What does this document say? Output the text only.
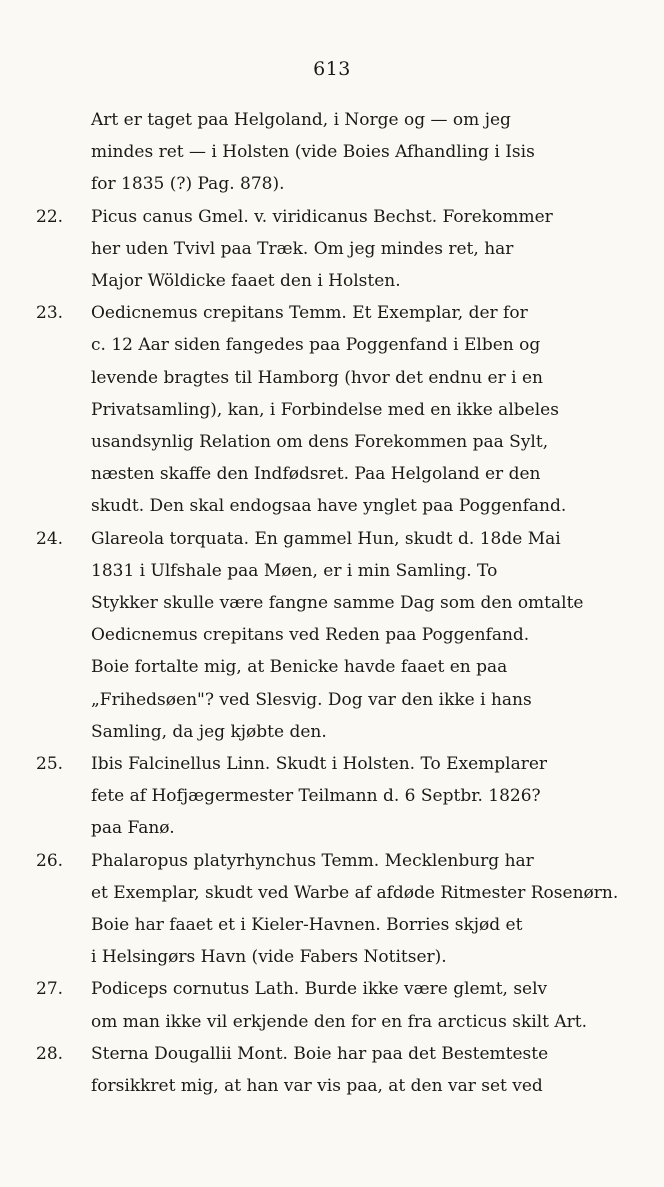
613
Art er taget paa Helgoland, i Norge og — om jeg
mindes ret — i Holsten (vide Boies Afhandling i Isis
for 1835 (?) Pag. 878).
22. Picus canus Gmel. v. viridicanus Bechst. Forekommer
her uden Tvivl paa Træk. Om jeg mindes ret, har
Major Wöldicke faaet den i Holsten.
23. Oedicnemus crepitans Temm. Et Exemplar, der for
c. 12 Aar siden fangedes paa Poggenfand i Elben og
levende bragtes til Hamborg (hvor det endnu er i en
Privatsamling), kan, i Forbindelse med en ikke albeles
usandsynlig Relation om dens Forekommen paa Sylt,
næsten skaffe den Indfødsret. Paa Helgoland er den
skudt. Den skal endogsaa have ynglet paa Poggenfand.
24. Glareola torquata. En gammel Hun, skudt d. 18de Mai
1831 i Ulfshale paa Møen, er i min Samling. To
Stykker skulle være fangne samme Dag som den omtalte
Oedicnemus crepitans ved Reden paa Poggenfand.
Boie fortalte mig, at Benicke havde faaet en paa
„Frihedsøen"? ved Slesvig. Dog var den ikke i hans
Samling, da jeg kjøbte den.
25. Ibis Falcinellus Linn. Skudt i Holsten. To Exemplarer
fete af Hofjægermester Teilmann d. 6 Septbr. 1826?
paa Fanø.
26. Phalaropus platyrhynchus Temm. Mecklenburg har
et Exemplar, skudt ved Warbe af afdøde Ritmester Rosenørn.
Boie har faaet et i Kieler-Havnen. Borries skjød et
i Helsingørs Havn (vide Fabers Notitser).
27. Podiceps cornutus Lath. Burde ikke være glemt, selv
om man ikke vil erkjende den for en fra arcticus skilt Art.
28. Sterna Dougallii Mont. Boie har paa det Bestemteste
forsikkret mig, at han var vis paa, at den var set ved
